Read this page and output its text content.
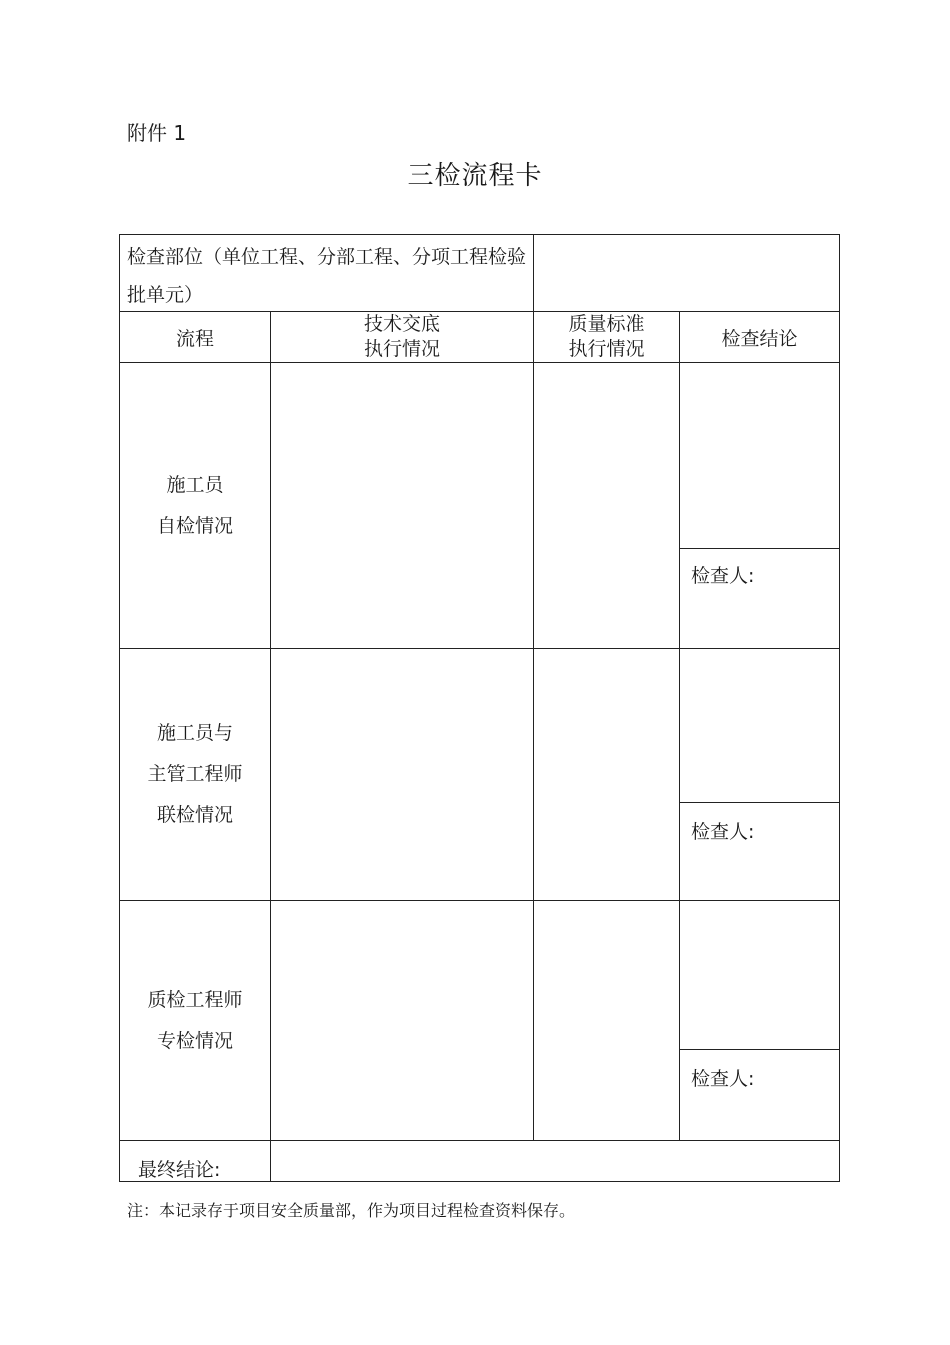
附件 1
三检流程卡
检查部位（单位工程、分部工程、分项工程检验批单元）
流程
技术交底
执行情况
质量标准
执行情况	检查结论
施工员
自检情况
检查人:
施工员与
主管工程师
联检情况
检查人:
质检工程师
专检情况
检查人:
最终结论:
注：本记录存于项目安全质量部，作为项目过程检查资料保存。
